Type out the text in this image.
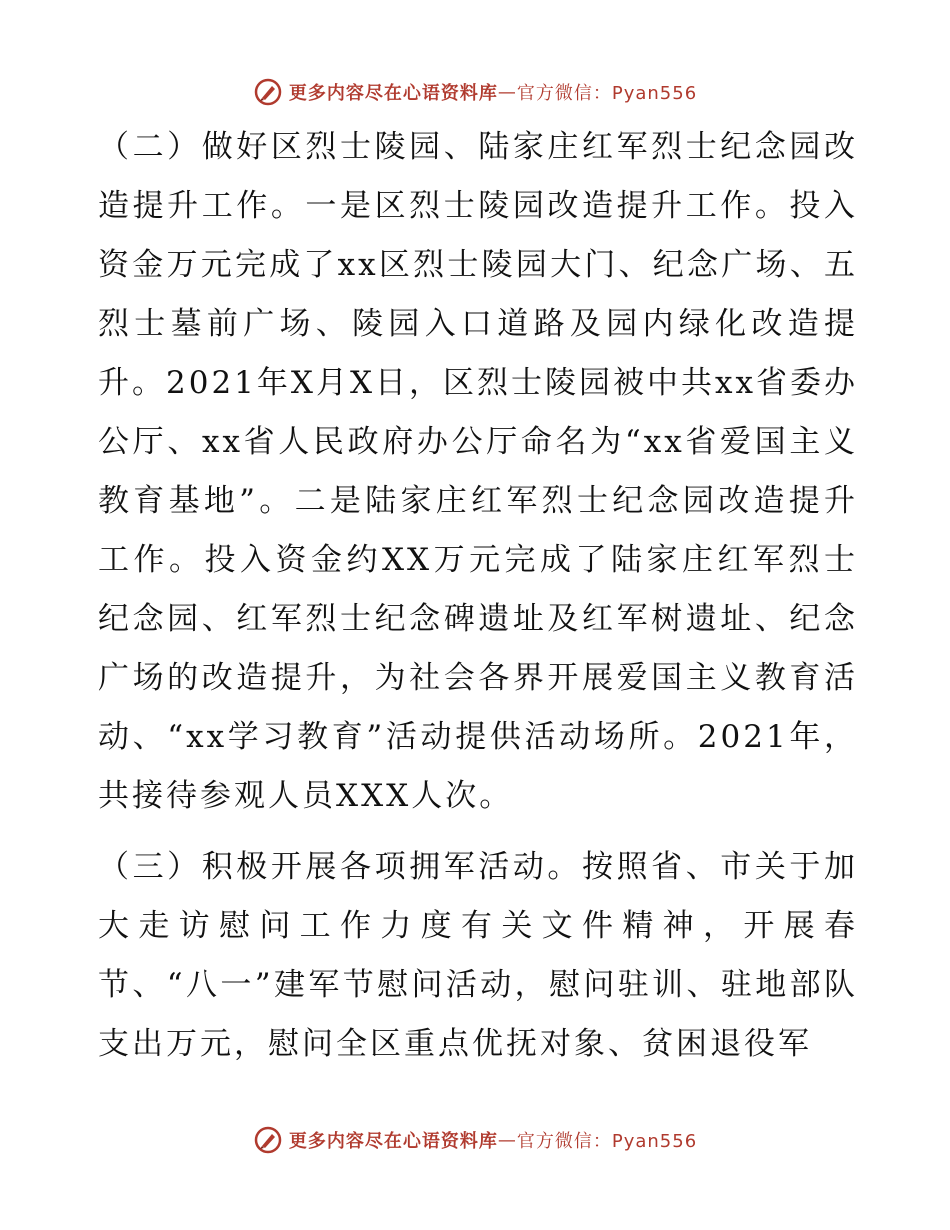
更多内容尽在心语资料库 — 官方微信：Pyan556

（二）做好区烈士陵园、陆家庄红军烈士纪念园改造提升工作。一是区烈士陵园改造提升工作。投入资金万元完成了xx区烈士陵园大门、纪念广场、五烈士墓前广场、陵园入口道路及园内绿化改造提升。2021年X月X日，区烈士陵园被中共xx省委办公厅、xx省人民政府办公厅命名为“xx省爱国主义教育基地”。二是陆家庄红军烈士纪念园改造提升工作。投入资金约XX万元完成了陆家庄红军烈士纪念园、红军烈士纪念碑遗址及红军树遗址、纪念广场的改造提升，为社会各界开展爱国主义教育活动、“xx学习教育”活动提供活动场所。2021年，共接待参观人员XXX人次。

（三）积极开展各项拥军活动。按照省、市关于加大走访慰问工作力度有关文件精神，开展春节、“八一”建军节慰问活动，慰问驻训、驻地部队支出万元，慰问全区重点优抚对象、贫困退役军

更多内容尽在心语资料库 — 官方微信：Pyan556
